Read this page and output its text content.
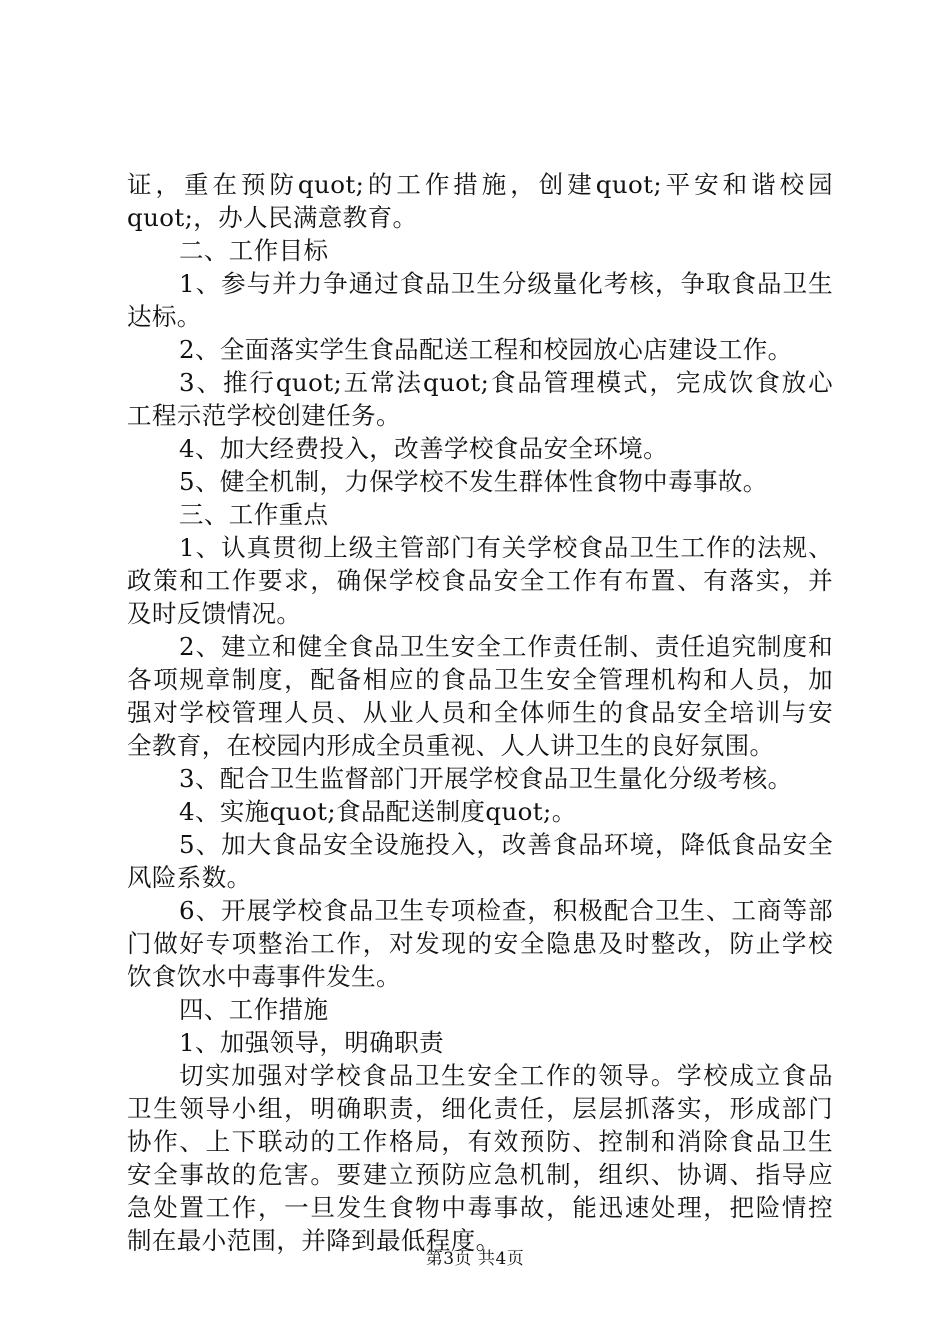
证，重在预防quot;的工作措施，创建quot;平安和谐校园
quot;，办人民满意教育。
二、工作目标
1、参与并力争通过食品卫生分级量化考核，争取食品卫生
达标。
2、全面落实学生食品配送工程和校园放心店建设工作。
3、推行quot;五常法quot;食品管理模式，完成饮食放心
工程示范学校创建任务。
4、加大经费投入，改善学校食品安全环境。
5、健全机制，力保学校不发生群体性食物中毒事故。
三、工作重点
1、认真贯彻上级主管部门有关学校食品卫生工作的法规、
政策和工作要求，确保学校食品安全工作有布置、有落实，并
及时反馈情况。
2、建立和健全食品卫生安全工作责任制、责任追究制度和
各项规章制度，配备相应的食品卫生安全管理机构和人员，加
强对学校管理人员、从业人员和全体师生的食品安全培训与安
全教育，在校园内形成全员重视、人人讲卫生的良好氛围。
3、配合卫生监督部门开展学校食品卫生量化分级考核。
4、实施quot;食品配送制度quot;。
5、加大食品安全设施投入，改善食品环境，降低食品安全
风险系数。
6、开展学校食品卫生专项检查，积极配合卫生、工商等部
门做好专项整治工作，对发现的安全隐患及时整改，防止学校
饮食饮水中毒事件发生。
四、工作措施
1、加强领导，明确职责
切实加强对学校食品卫生安全工作的领导。学校成立食品
卫生领导小组，明确职责，细化责任，层层抓落实，形成部门
协作、上下联动的工作格局，有效预防、控制和消除食品卫生
安全事故的危害。要建立预防应急机制，组织、协调、指导应
急处置工作，一旦发生食物中毒事故，能迅速处理，把险情控
制在最小范围，并降到最低程度。
第3页 共4页
